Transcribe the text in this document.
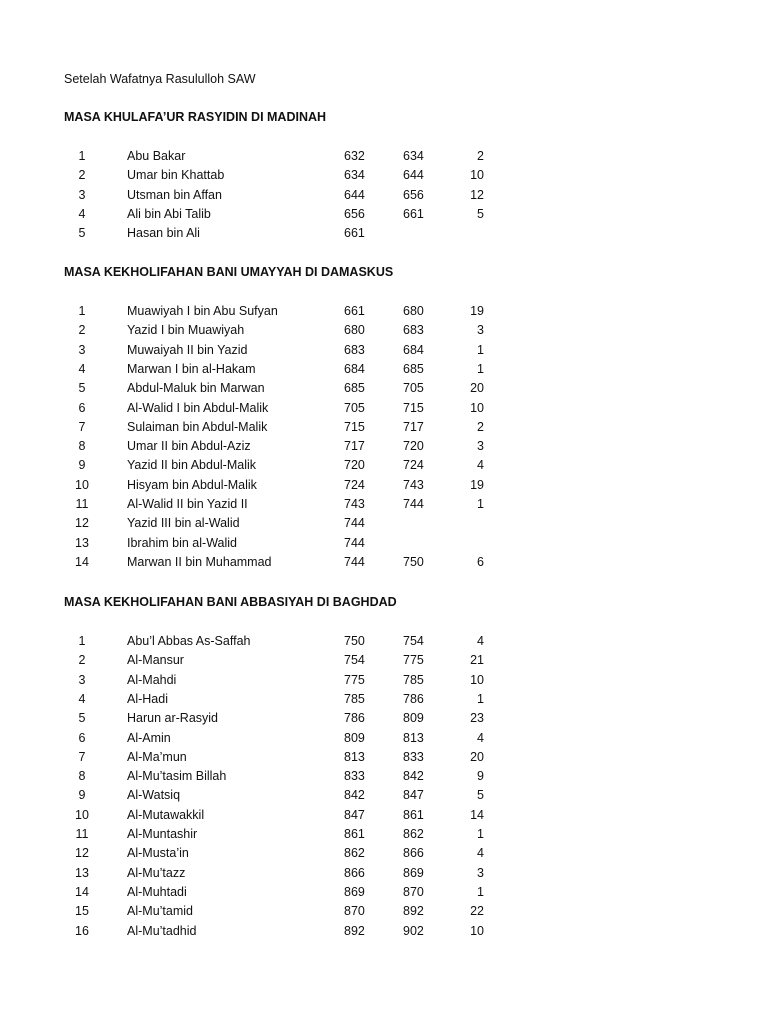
Setelah Wafatnya Rasululloh SAW
MASA KHULAFA’UR RASYIDIN DI MADINAH
1	Abu Bakar	632	634	2
2	Umar bin Khattab	634	644	10
3	Utsman bin Affan	644	656	12
4	Ali bin Abi Talib	656	661	5
5	Hasan bin Ali	661
MASA KEKHOLIFAHAN BANI UMAYYAH DI DAMASKUS
1	Muawiyah I bin Abu Sufyan	661	680	19
2	Yazid I bin Muawiyah	680	683	3
3	Muwaiyah II bin Yazid	683	684	1
4	Marwan I bin al-Hakam	684	685	1
5	Abdul-Maluk bin Marwan	685	705	20
6	Al-Walid I bin Abdul-Malik	705	715	10
7	Sulaiman bin Abdul-Malik	715	717	2
8	Umar II bin Abdul-Aziz	717	720	3
9	Yazid II bin Abdul-Malik	720	724	4
10	Hisyam bin Abdul-Malik	724	743	19
11	Al-Walid II bin Yazid II	743	744	1
12	Yazid III bin al-Walid	744
13	Ibrahim bin al-Walid	744
14	Marwan II bin Muhammad	744	750	6
MASA KEKHOLIFAHAN BANI ABBASIYAH DI BAGHDAD
1	Abu’l Abbas As-Saffah	750	754	4
2	Al-Mansur	754	775	21
3	Al-Mahdi	775	785	10
4	Al-Hadi	785	786	1
5	Harun ar-Rasyid	786	809	23
6	Al-Amin	809	813	4
7	Al-Ma’mun	813	833	20
8	Al-Mu’tasim Billah	833	842	9
9	Al-Watsiq	842	847	5
10	Al-Mutawakkil	847	861	14
11	Al-Muntashir	861	862	1
12	Al-Musta’in	862	866	4
13	Al-Mu’tazz	866	869	3
14	Al-Muhtadi	869	870	1
15	Al-Mu’tamid	870	892	22
16	Al-Mu’tadhid	892	902	10
